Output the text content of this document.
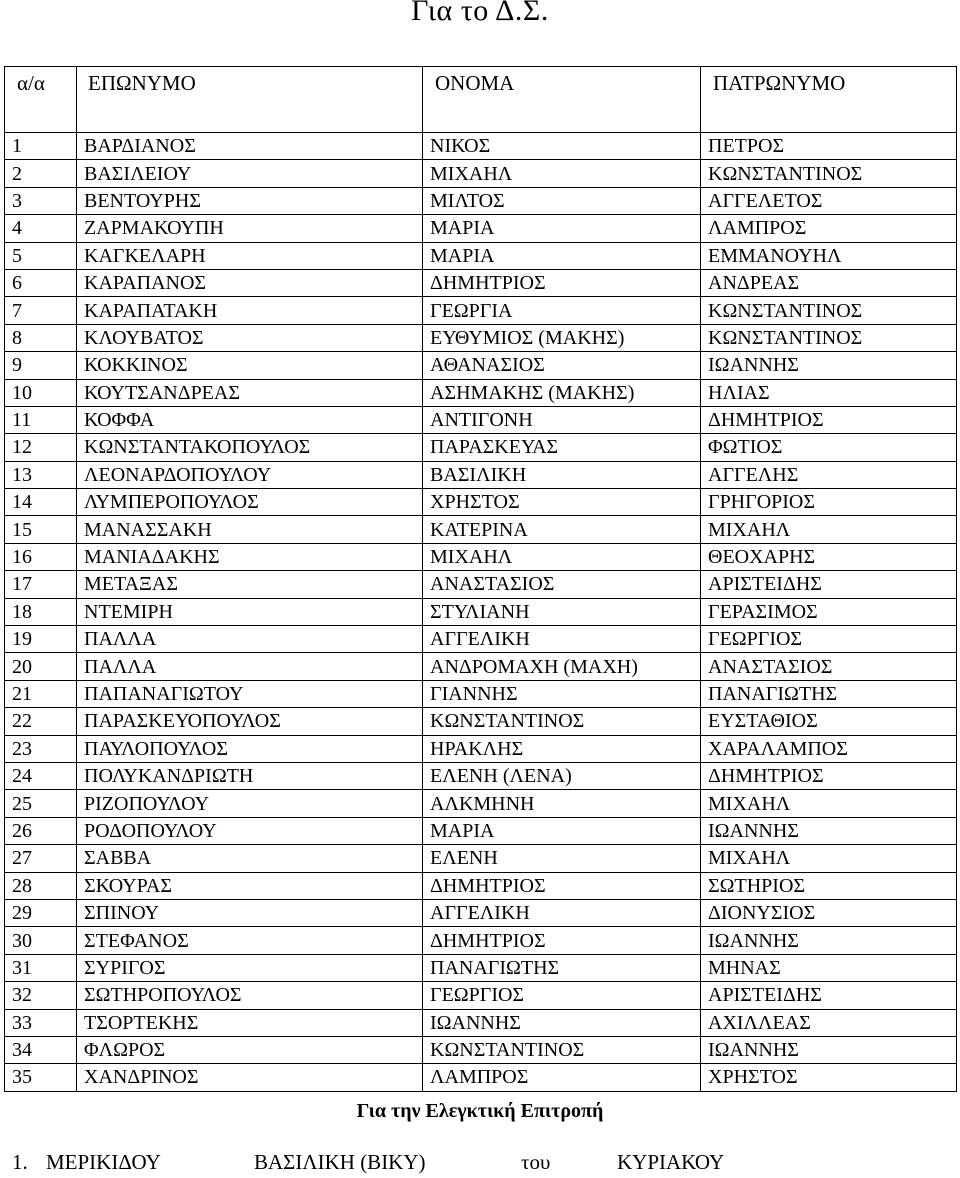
Για το Δ.Σ.
α/α	ΕΠΩΝΥΜΟ	ΟΝΟΜΑ	ΠΑΤΡΩΝΥΜΟ
1	ΒΑΡΔΙΑΝΟΣ	ΝΙΚΟΣ	ΠΕΤΡΟΣ
2	ΒΑΣΙΛΕΙΟΥ	ΜΙΧΑΗΛ	ΚΩΝΣΤΑΝΤΙΝΟΣ
3	ΒΕΝΤΟΥΡΗΣ	ΜΙΛΤΟΣ	ΑΓΓΕΛΕΤΟΣ
4	ΖΑΡΜΑΚΟΥΠΗ	ΜΑΡΙΑ	ΛΑΜΠΡΟΣ
5	ΚΑΓΚΕΛΑΡΗ	ΜΑΡΙΑ	ΕΜΜΑΝΟΥΗΛ
6	ΚΑΡΑΠΑΝΟΣ	ΔΗΜΗΤΡΙΟΣ	ΑΝΔΡΕΑΣ
7	ΚΑΡΑΠΑΤΑΚΗ	ΓΕΩΡΓΙΑ	ΚΩΝΣΤΑΝΤΙΝΟΣ
8	ΚΛΟΥΒΑΤΟΣ	ΕΥΘΥΜΙΟΣ (ΜΑΚΗΣ)	ΚΩΝΣΤΑΝΤΙΝΟΣ
9	ΚΟΚΚΙΝΟΣ	ΑΘΑΝΑΣΙΟΣ	ΙΩΑΝΝΗΣ
10	ΚΟΥΤΣΑΝΔΡΕΑΣ	ΑΣΗΜΑΚΗΣ (ΜΑΚΗΣ)	ΗΛΙΑΣ
11	ΚΟΦΦΑ	ΑΝΤΙΓΟΝΗ	ΔΗΜΗΤΡΙΟΣ
12	ΚΩΝΣΤΑΝΤΑΚΟΠΟΥΛΟΣ	ΠΑΡΑΣΚΕΥΑΣ	ΦΩΤΙΟΣ
13	ΛΕΟΝΑΡΔΟΠΟΥΛΟΥ	ΒΑΣΙΛΙΚΗ	ΑΓΓΕΛΗΣ
14	ΛΥΜΠΕΡΟΠΟΥΛΟΣ	ΧΡΗΣΤΟΣ	ΓΡΗΓΟΡΙΟΣ
15	ΜΑΝΑΣΣΑΚΗ	ΚΑΤΕΡΙΝΑ	ΜΙΧΑΗΛ
16	ΜΑΝΙΑΔΑΚΗΣ	ΜΙΧΑΗΛ	ΘΕΟΧΑΡΗΣ
17	ΜΕΤΑΞΑΣ	ΑΝΑΣΤΑΣΙΟΣ	ΑΡΙΣΤΕΙΔΗΣ
18	ΝΤΕΜΙΡΗ	ΣΤΥΛΙΑΝΗ	ΓΕΡΑΣΙΜΟΣ
19	ΠΑΛΛΑ	ΑΓΓΕΛΙΚΗ	ΓΕΩΡΓΙΟΣ
20	ΠΑΛΛΑ	ΑΝΔΡΟΜΑΧΗ (ΜΑΧΗ)	ΑΝΑΣΤΑΣΙΟΣ
21	ΠΑΠΑΝΑΓΙΩΤΟΥ	ΓΙΑΝΝΗΣ	ΠΑΝΑΓΙΩΤΗΣ
22	ΠΑΡΑΣΚΕΥΟΠΟΥΛΟΣ	ΚΩΝΣΤΑΝΤΙΝΟΣ	ΕΥΣΤΑΘΙΟΣ
23	ΠΑΥΛΟΠΟΥΛΟΣ	ΗΡΑΚΛΗΣ	ΧΑΡΑΛΑΜΠΟΣ
24	ΠΟΛΥΚΑΝΔΡΙΩΤΗ	ΕΛΕΝΗ (ΛΕΝΑ)	ΔΗΜΗΤΡΙΟΣ
25	ΡΙΖΟΠΟΥΛΟΥ	ΑΛΚΜΗΝΗ	ΜΙΧΑΗΛ
26	ΡΟΔΟΠΟΥΛΟΥ	ΜΑΡΙΑ	ΙΩΑΝΝΗΣ
27	ΣΑΒΒΑ	ΕΛΕΝΗ	ΜΙΧΑΗΛ
28	ΣΚΟΥΡΑΣ	ΔΗΜΗΤΡΙΟΣ	ΣΩΤΗΡΙΟΣ
29	ΣΠΙΝΟΥ	ΑΓΓΕΛΙΚΗ	ΔΙΟΝΥΣΙΟΣ
30	ΣΤΕΦΑΝΟΣ	ΔΗΜΗΤΡΙΟΣ	ΙΩΑΝΝΗΣ
31	ΣΥΡΙΓΟΣ	ΠΑΝΑΓΙΩΤΗΣ	ΜΗΝΑΣ
32	ΣΩΤΗΡΟΠΟΥΛΟΣ	ΓΕΩΡΓΙΟΣ	ΑΡΙΣΤΕΙΔΗΣ
33	ΤΣΟΡΤΕΚΗΣ	ΙΩΑΝΝΗΣ	ΑΧΙΛΛΕΑΣ
34	ΦΛΩΡΟΣ	ΚΩΝΣΤΑΝΤΙΝΟΣ	ΙΩΑΝΝΗΣ
35	ΧΑΝΔΡΙΝΟΣ	ΛΑΜΠΡΟΣ	ΧΡΗΣΤΟΣ
Για την Ελεγκτική Επιτροπή
1. ΜΕΡΙΚΙΔΟΥ	ΒΑΣΙΛΙΚΗ (ΒΙΚΥ)	του	ΚΥΡΙΑΚΟΥ
